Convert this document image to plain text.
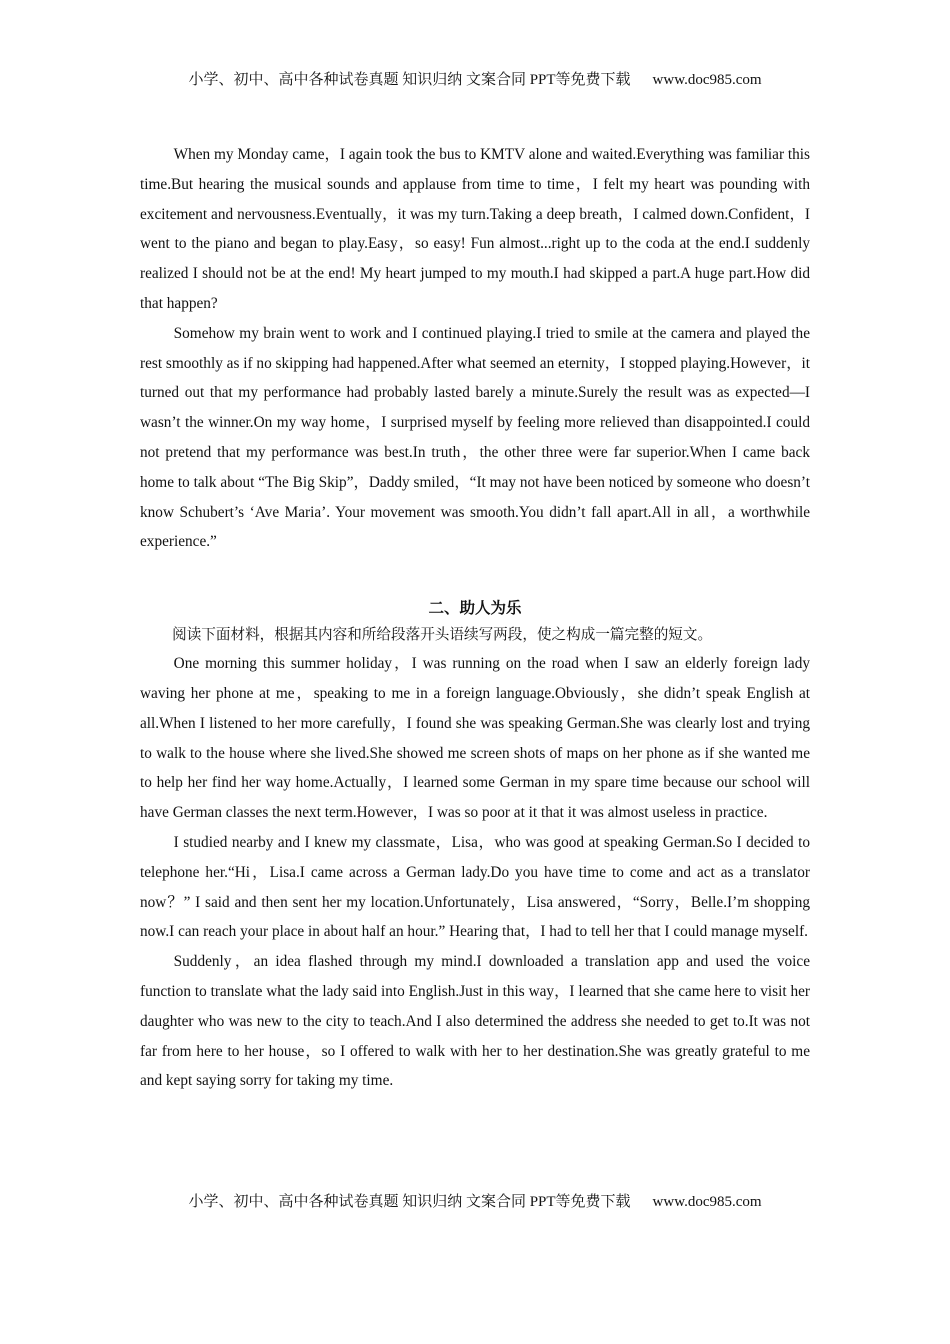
小学、初中、高中各种试卷真题 知识归纳 文案合同 PPT等免费下载 www.doc985.com

When my Monday came，I again took the bus to KMTV alone and waited.Everything was familiar this time.But hearing the musical sounds and applause from time to time，I felt my heart was pounding with excitement and nervousness.Eventually，it was my turn.Taking a deep breath，I calmed down.Confident，I went to the piano and began to play.Easy，so easy! Fun almost...right up to the coda at the end.I suddenly realized I should not be at the end! My heart jumped to my mouth.I had skipped a part.A huge part.How did that happen?

Somehow my brain went to work and I continued playing.I tried to smile at the camera and played the rest smoothly as if no skipping had happened.After what seemed an eternity，I stopped playing.However，it turned out that my performance had probably lasted barely a minute.Surely the result was as expected—I wasn’t the winner.On my way home，I surprised myself by feeling more relieved than disappointed.I could not pretend that my performance was best.In truth，the other three were far superior.When I came back home to talk about “The Big Skip”，Daddy smiled，“It may not have been noticed by someone who doesn’t know Schubert’s ‘Ave Maria’. Your movement was smooth.You didn’t fall apart.All in all，a worthwhile experience.”

二、助人为乐

阅读下面材料，根据其内容和所给段落开头语续写两段，使之构成一篇完整的短文。

One morning this summer holiday，I was running on the road when I saw an elderly foreign lady waving her phone at me，speaking to me in a foreign language.Obviously，she didn’t speak English at all.When I listened to her more carefully，I found she was speaking German.She was clearly lost and trying to walk to the house where she lived.She showed me screen shots of maps on her phone as if she wanted me to help her find her way home.Actually，I learned some German in my spare time because our school will have German classes the next term.However，I was so poor at it that it was almost useless in practice.

I studied nearby and I knew my classmate，Lisa，who was good at speaking German.So I decided to telephone her.“Hi，Lisa.I came across a German lady.Do you have time to come and act as a translator now？” I said and then sent her my location.Unfortunately，Lisa answered，“Sorry，Belle.I’m shopping now.I can reach your place in about half an hour.” Hearing that，I had to tell her that I could manage myself.

Suddenly，an idea flashed through my mind.I downloaded a translation app and used the voice function to translate what the lady said into English.Just in this way，I learned that she came here to visit her daughter who was new to the city to teach.And I also determined the address she needed to get to.It was not far from here to her house，so I offered to walk with her to her destination.She was greatly grateful to me and kept saying sorry for taking my time.

小学、初中、高中各种试卷真题 知识归纳 文案合同 PPT等免费下载 www.doc985.com
